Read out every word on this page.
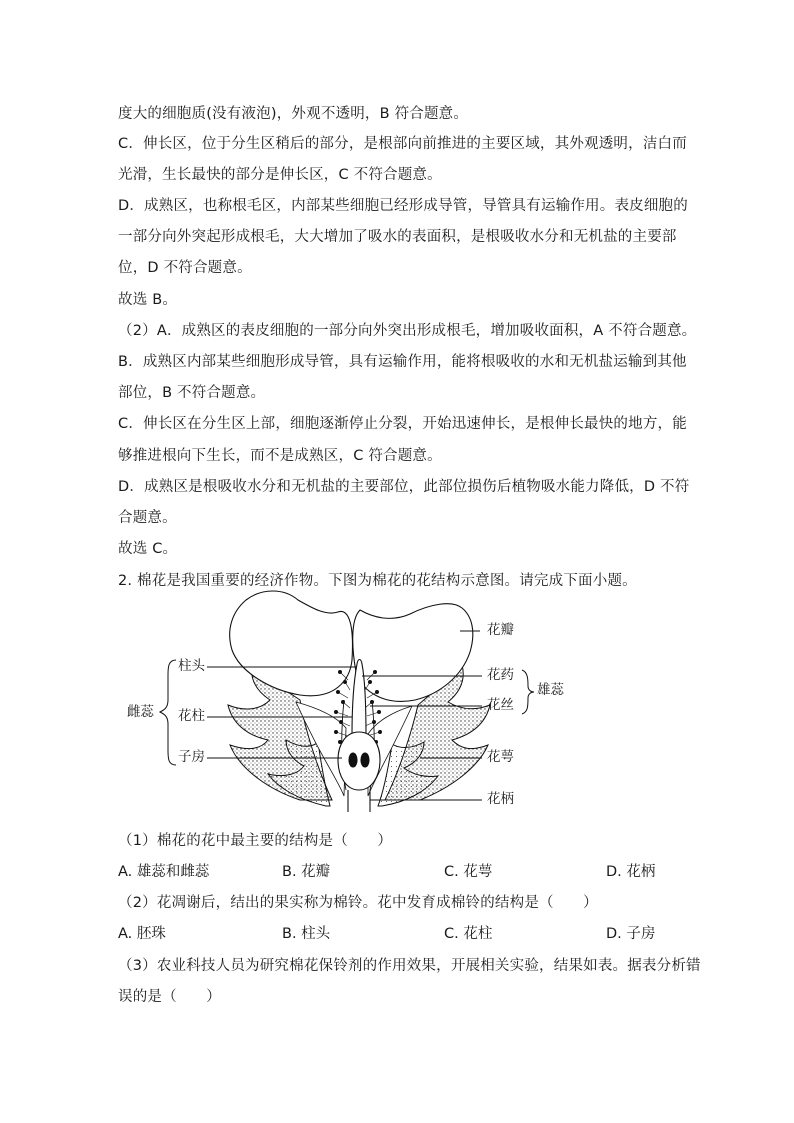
度大的细胞质(没有液泡)，外观不透明，B 符合题意。
C．伸长区，位于分生区稍后的部分，是根部向前推进的主要区域，其外观透明，洁白而
光滑，生长最快的部分是伸长区，C 不符合题意。
D．成熟区，也称根毛区，内部某些细胞已经形成导管，导管具有运输作用。表皮细胞的
一部分向外突起形成根毛，大大增加了吸水的表面积，是根吸收水分和无机盐的主要部
位，D 不符合题意。
故选 B。
（2）A．成熟区的表皮细胞的一部分向外突出形成根毛，增加吸收面积，A 不符合题意。
B．成熟区内部某些细胞形成导管，具有运输作用，能将根吸收的水和无机盐运输到其他
部位，B 不符合题意。
C．伸长区在分生区上部，细胞逐渐停止分裂，开始迅速伸长，是根伸长最快的地方，能
够推进根向下生长，而不是成熟区，C 符合题意。
D．成熟区是根吸收水分和无机盐的主要部位，此部位损伤后植物吸水能力降低，D 不符
合题意。
故选 C。
2. 棉花是我国重要的经济作物。下图为棉花的花结构示意图。请完成下面小题。
雌蕊
柱头
花柱
子房
花瓣
花药
花丝
雄蕊
花萼
花柄
（1）棉花的花中最主要的结构是（　　）
A. 雄蕊和雌蕊	B. 花瓣	C. 花萼	D. 花柄
（2）花凋谢后，结出的果实称为棉铃。花中发育成棉铃的结构是（　　）
A. 胚珠	B. 柱头	C. 花柱	D. 子房
（3）农业科技人员为研究棉花保铃剂的作用效果，开展相关实验，结果如表。据表分析错
误的是（　　）
